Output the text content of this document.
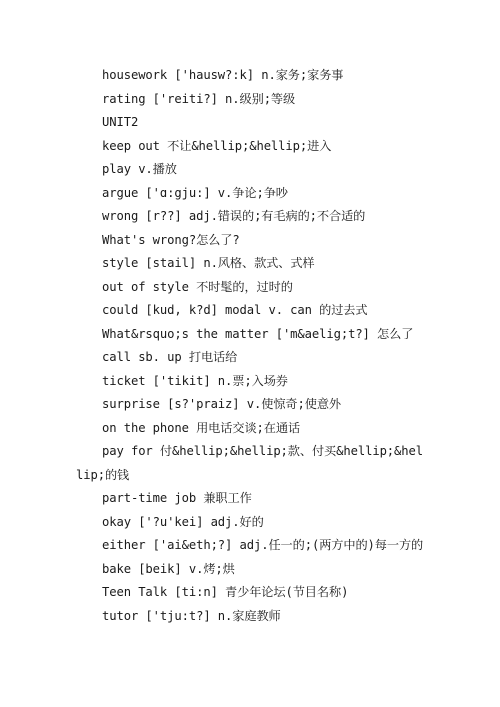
housework ['hausw?:k] n.家务;家务事
rating ['reiti?] n.级别;等级
UNIT2
keep out 不让&hellip;&hellip;进入
play v.播放
argue ['ɑ:gju:] v.争论;争吵
wrong [r??] adj.错误的;有毛病的;不合适的
What's wrong?怎么了?
style [stail] n.风格、款式、式样
out of style 不时髦的，过时的
could [kud, k?d] modal v. can 的过去式
What&rsquo;s the matter ['m&aelig;t?] 怎么了
call sb. up 打电话给
ticket ['tikit] n.票;入场券
surprise [s?'praiz] v.使惊奇;使意外
on the phone 用电话交谈;在通话
pay for 付&hellip;&hellip;款、付买&hellip;&hellip;的钱
part-time job 兼职工作
okay ['?u'kei] adj.好的
either ['ai&eth;?] adj.任一的;(两方中的)每一方的
bake [beik] v.烤;烘
Teen Talk [ti:n] 青少年论坛(节目名称)
tutor ['tju:t?] n.家庭教师
